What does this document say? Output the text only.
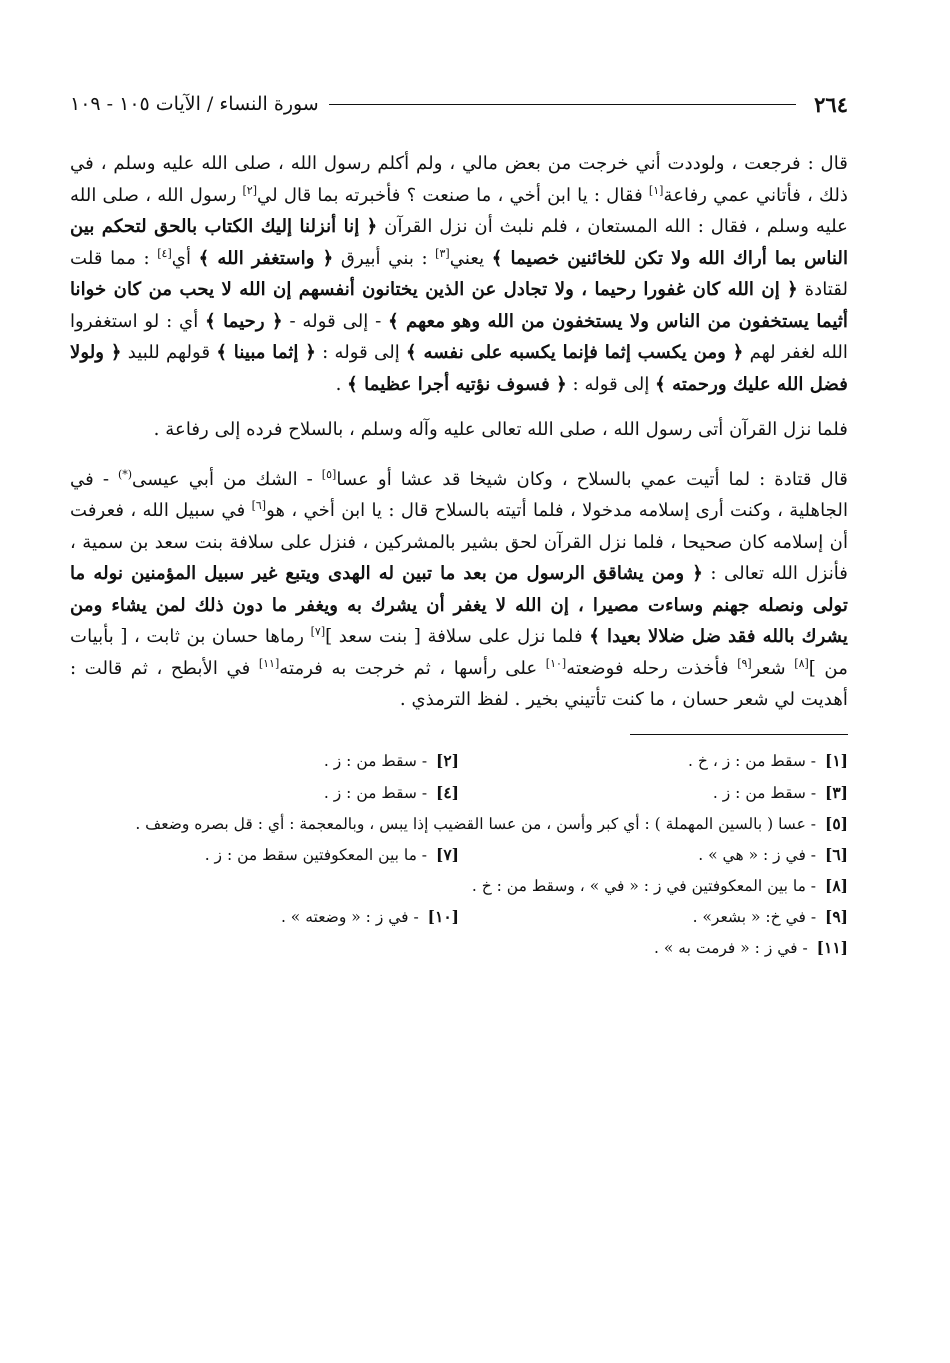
٢٦٤
سورة النساء / الآيات ١٠٥ - ١٠٩

قال : فرجعت ، ولوددت أني خرجت من بعض مالي ، ولم أكلم رسول الله ، صلى الله عليه وسلم ، في ذلك ، فأتاني عمي رفاعة[١] فقال : يا ابن أخي ، ما صنعت ؟ فأخبرته بما قال لي[٢] رسول الله ، صلى الله عليه وسلم ، فقال : الله المستعان ، فلم نلبث أن نزل القرآن ﴿ إنا أنزلنا إليك الكتاب بالحق لتحكم بين الناس بما أراك الله ولا تكن للخائنين خصيما ﴾ يعني[٣] : بني أبيرق ﴿ واستغفر الله ﴾ أي[٤] : مما قلت لقتادة ﴿ إن الله كان غفورا رحيما ، ولا تجادل عن الذين يختانون أنفسهم إن الله لا يحب من كان خوانا أثيما يستخفون من الناس ولا يستخفون من الله وهو معهم ﴾ - إلى قوله - ﴿ رحيما ﴾ أي : لو استغفروا الله لغفر لهم ﴿ ومن يكسب إثما فإنما يكسبه على نفسه ﴾ إلى قوله : ﴿ إثما مبينا ﴾ قولهم للبيد ﴿ ولولا فضل الله عليك ورحمته ﴾ إلى قوله : ﴿ فسوف نؤتيه أجرا عظيما ﴾ .

فلما نزل القرآن أتى رسول الله ، صلى الله تعالى عليه وآله وسلم ، بالسلاح فرده إلى رفاعة .

قال قتادة : لما أتيت عمي بالسلاح ، وكان شيخا قد عشا أو عسا[٥] - الشك من أبي عيسى(*) - في الجاهلية ، وكنت أرى إسلامه مدخولا ، فلما أتيته بالسلاح قال : يا ابن أخي ، هو[٦] في سبيل الله ، فعرفت أن إسلامه كان صحيحا ، فلما نزل القرآن لحق بشير بالمشركين ، فنزل على سلافة بنت سعد بن سمية ، فأنزل الله تعالى : ﴿ ومن يشاقق الرسول من بعد ما تبين له الهدى ويتبع غير سبيل المؤمنين نوله ما تولى ونصله جهنم وساءت مصيرا ، إن الله لا يغفر أن يشرك به ويغفر ما دون ذلك لمن يشاء ومن يشرك بالله فقد ضل ضلالا بعيدا ﴾ فلما نزل على سلافة [ بنت سعد ][٧] رماها حسان بن ثابت ، [ بأبيات من ][٨] شعر[٩] فأخذت رحله فوضعته[١٠] على رأسها ، ثم خرجت به فرمته[١١] في الأبطح ، ثم قالت : أهديت لي شعر حسان ، ما كنت تأتيني بخير . لفظ الترمذي .

[١] - سقط من : ز ، خ .
[٢] - سقط من : ز .
[٣] - سقط من : ز .
[٤] - سقط من : ز .
[٥] - عسا ( بالسين المهملة ) : أي كبر وأسن ، من عسا القضيب إذا يبس ، وبالمعجمة : أي : قل بصره وضعف .
[٦] - في ز : « هي » .
[٧] - ما بين المعكوفتين سقط من : ز .
[٨] - ما بين المعكوفتين في ز : « في » ، وسقط من : خ .
[٩] - في خ: « بشعر» .
[١٠] - في ز : « وضعته » .
[١١] - في ز : « فرمت به » .
